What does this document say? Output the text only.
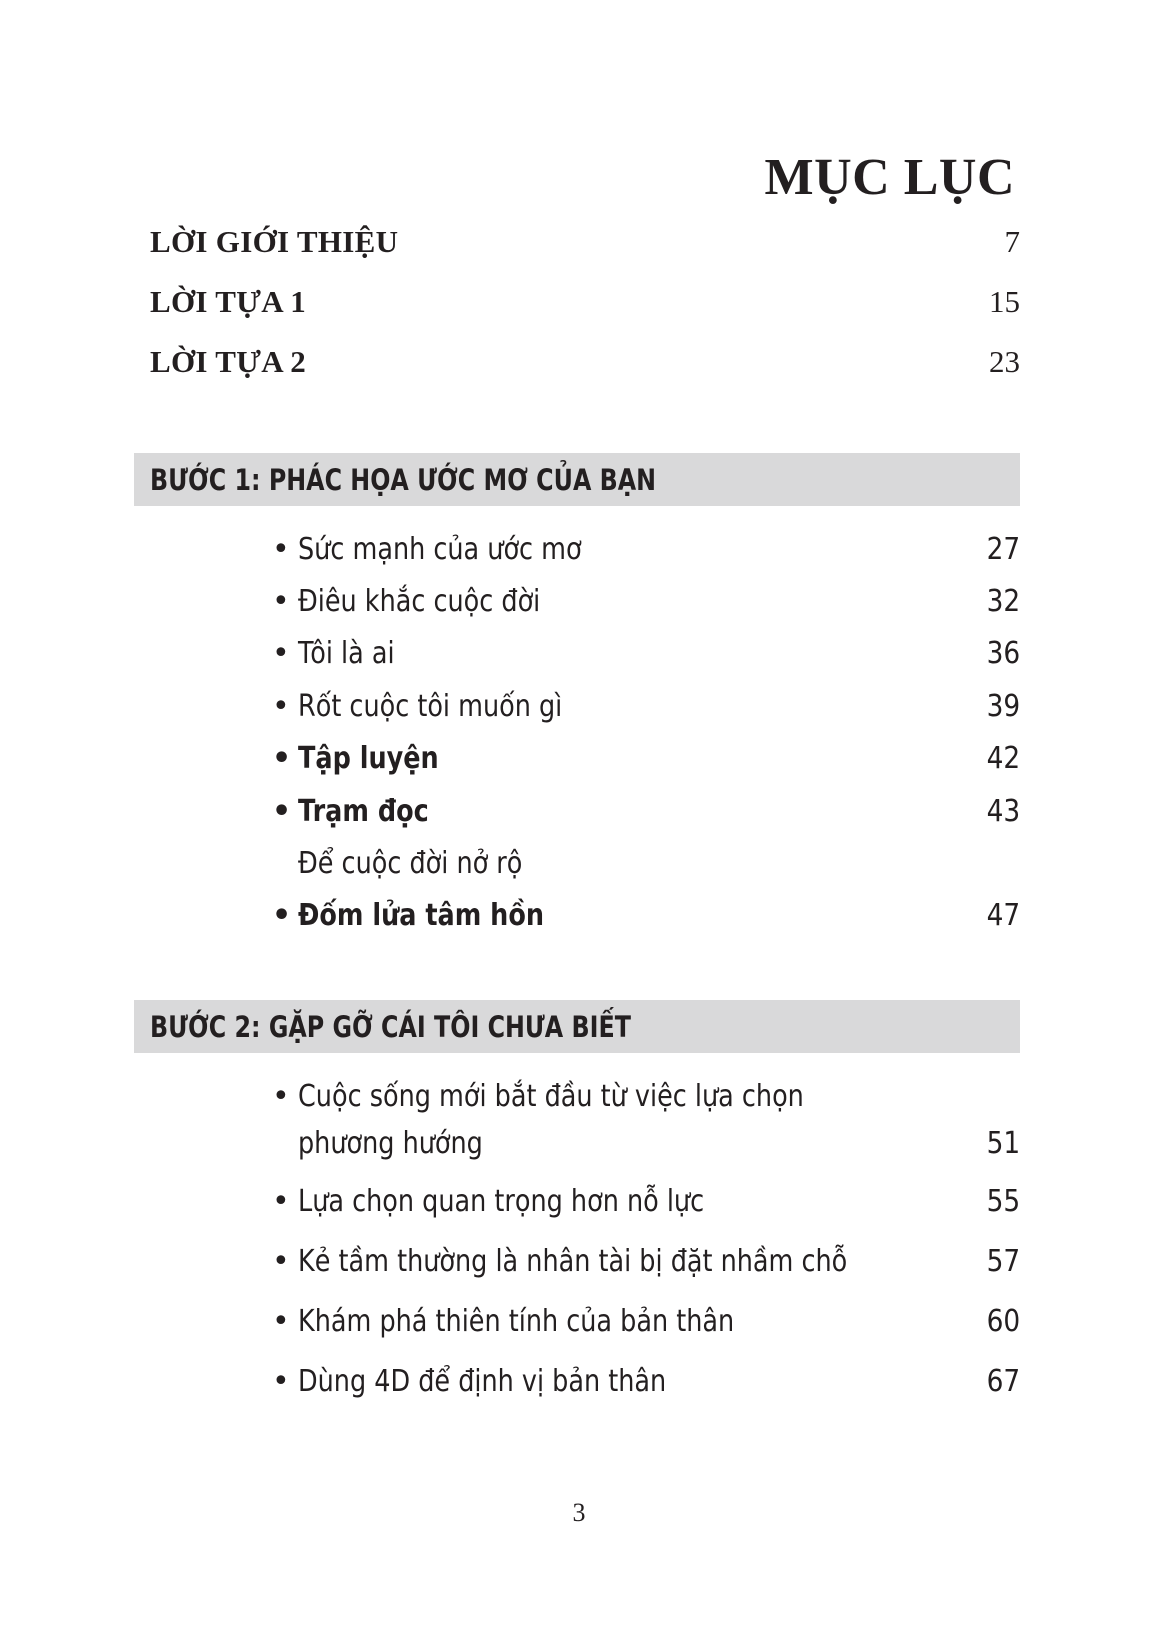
MỤC LỤC
LỜI GIỚI THIỆU	7
LỜI TỰA 1	15
LỜI TỰA 2	23
BƯỚC 1: PHÁC HỌA ƯỚC MƠ CỦA BẠN
• Sức mạnh của ước mơ	27
• Điêu khắc cuộc đời	32
• Tôi là ai	36
• Rốt cuộc tôi muốn gì	39
• Tập luyện	42
• Trạm đọc	43
Để cuộc đời nở rộ
• Đốm lửa tâm hồn	47
BƯỚC 2: GẶP GỠ CÁI TÔI CHƯA BIẾT
• Cuộc sống mới bắt đầu từ việc lựa chọn
phương hướng	51
• Lựa chọn quan trọng hơn nỗ lực	55
• Kẻ tầm thường là nhân tài bị đặt nhầm chỗ	57
• Khám phá thiên tính của bản thân	60
• Dùng 4D để định vị bản thân	67
3
